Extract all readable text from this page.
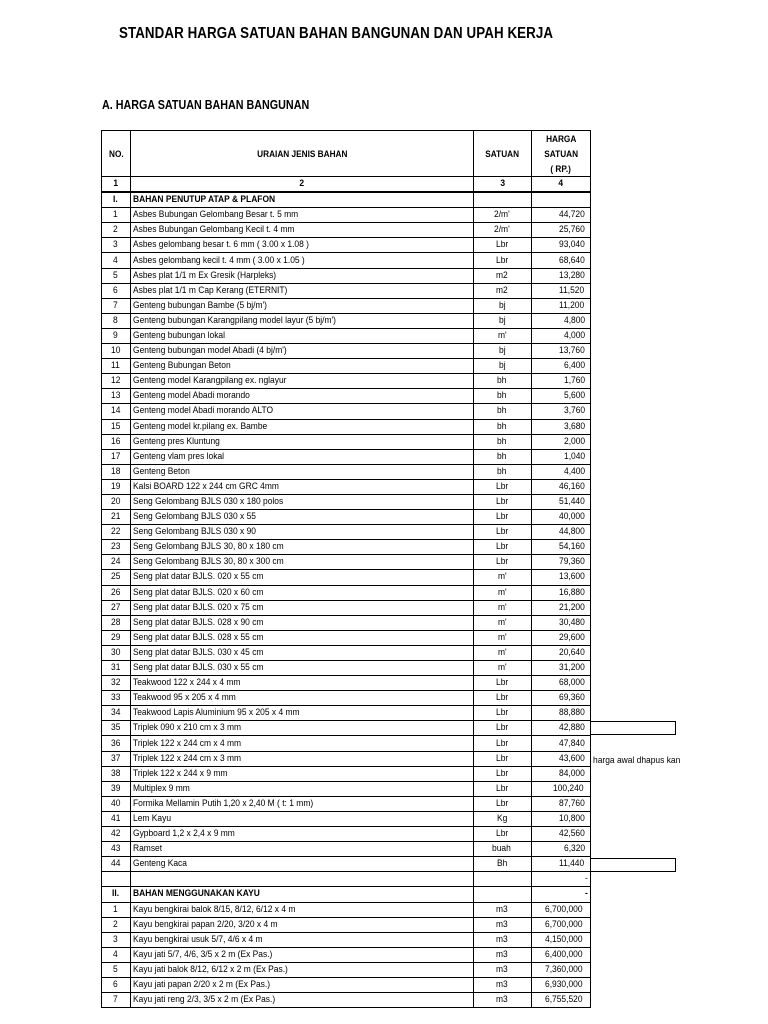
STANDAR HARGA SATUAN BAHAN BANGUNAN DAN UPAH KERJA
A. HARGA SATUAN BAHAN BANGUNAN
NO.	URAIAN JENIS BAHAN	SATUAN	HARGA
SATUAN
( RP.)
1	2	3	4
I.	BAHAN PENUTUP ATAP & PLAFON		
1	Asbes Bubungan Gelombang Besar t. 5 mm	2/m'	44,720
2	Asbes Bubungan Gelombang Kecil t. 4 mm	2/m'	25,760
3	Asbes gelombang besar t. 6 mm ( 3.00 x 1.08 )	Lbr	93,040
4	Asbes gelombang kecil t. 4 mm ( 3.00 x 1.05 )	Lbr	68,640
5	Asbes plat 1/1 m Ex Gresik (Harpleks)	m2	13,280
6	Asbes plat 1/1 m Cap Kerang (ETERNIT)	m2	11,520
7	Genteng bubungan Bambe (5 bj/m')	bj	11,200
8	Genteng bubungan Karangpilang model layur (5 bj/m')	bj	4,800
9	Genteng bubungan lokal	m'	4,000
10	Genteng bubungan model Abadi (4 bj/m')	bj	13,760
11	Genteng Bubungan Beton	bj	6,400
12	Genteng model Karangpilang ex. nglayur	bh	1,760
13	Genteng model Abadi morando	bh	5,600
14	Genteng model Abadi morando ALTO	bh	3,760
15	Genteng model kr.pilang ex. Bambe	bh	3,680
16	Genteng pres Kluntung	bh	2,000
17	Genteng vlam pres lokal	bh	1,040
18	Genteng Beton	bh	4,400
19	Kalsi BOARD 122 x 244 cm GRC 4mm	Lbr	46,160
20	Seng Gelombang BJLS 030 x 180 polos	Lbr	51,440
21	Seng Gelombang BJLS 030 x 55	Lbr	40,000
22	Seng Gelombang BJLS 030 x 90	Lbr	44,800
23	Seng Gelombang BJLS 30, 80 x 180 cm	Lbr	54,160
24	Seng Gelombang BJLS 30, 80 x 300 cm	Lbr	79,360
25	Seng plat datar BJLS. 020 x 55 cm	m'	13,600
26	Seng plat datar BJLS. 020 x 60 cm	m'	16,880
27	Seng plat datar BJLS. 020 x 75 cm	m'	21,200
28	Seng plat datar BJLS. 028 x 90 cm	m'	30,480
29	Seng plat datar BJLS. 028 x 55 cm	m'	29,600
30	Seng plat datar BJLS. 030 x 45 cm	m'	20,640
31	Seng plat datar BJLS. 030 x 55 cm	m'	31,200
32	Teakwood 122 x 244 x 4 mm	Lbr	68,000
33	Teakwood 95 x 205 x 4 mm	Lbr	69,360
34	Teakwood Lapis Aluminium 95 x 205 x 4 mm	Lbr	88,880
35	Triplek 090 x 210 cm x 3 mm	Lbr	42,880
36	Triplek 122 x 244 cm x 4 mm	Lbr	47,840
37	Triplek 122 x 244 cm x 3 mm	Lbr	43,600
38	Triplek 122 x 244 x 9 mm	Lbr	84,000
39	Multiplex 9 mm	Lbr	100,240
40	Formika Mellamin Putih 1,20 x 2,40 M ( t: 1 mm)	Lbr	87,760
41	Lem Kayu	Kg	10,800
42	Gypboard 1,2 x 2,4 x 9 mm	Lbr	42,560
43	Ramset	buah	6,320
44	Genteng Kaca	Bh	11,440
			-
II.	BAHAN MENGGUNAKAN KAYU		-
1	Kayu bengkirai balok 8/15, 8/12, 6/12 x 4 m	m3	6,700,000
2	Kayu bengkirai papan 2/20, 3/20 x 4 m	m3	6,700,000
3	Kayu bengkirai usuk 5/7, 4/6 x 4 m	m3	4,150,000
4	Kayu jati 5/7, 4/6, 3/5 x 2 m (Ex Pas.)	m3	6,400,000
5	Kayu jati balok 8/12, 6/12 x 2 m (Ex Pas.)	m3	7,360,000
6	Kayu jati papan 2/20 x 2 m (Ex Pas.)	m3	6,930,000
7	Kayu jati reng 2/3, 3/5 x 2 m (Ex Pas.)	m3	6,755,520
harga awal dhapus kan
